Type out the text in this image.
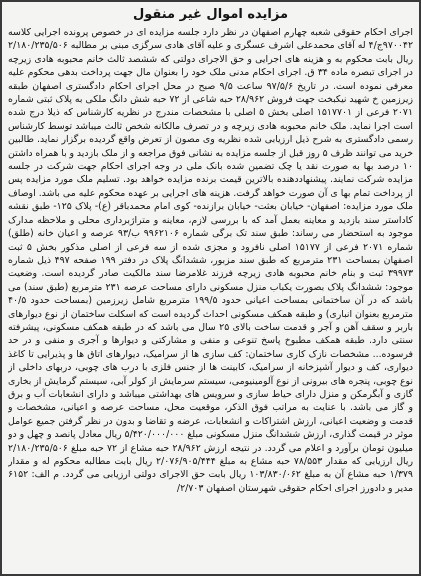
مزایده اموال غیر منقول
اجرای احکام حقوقی شعبه چهارم اصفهان در نظر دارد جلسه مزایده ای در خصوص پرونده اجرایی کلاسه ۹۷۰۰۴۲ج/۴ له آقای محمدعلی اشرف عسگری و علیه آقای هادی سرگزی مبنی بر مطالبه ۲/۱۸۰/۲۳۵/۵۰۶ ریال بابت محکوم به و هزینه های اجرایی و حق الاجرای دولتی که ششصد ثالث خانم محبوبه هادی زیرچه در اجرای تبصره ماده ۳۴ ق. اجرای احکام مدنی ملک خود را بعنوان مال جهت پرداخت بدهی محکوم علیه معرفی نموده است. در تاریخ ۹۷/۵/۶ ساعت ۹/۵ صبح در محل اجرای احکام دادگستری اصفهان طبقه زیرزمین خ شهید نیکبخت جهت فروش ۲۸/۹۶۲ حبه شاعی از ۷۲ حبه شش دانگ ملکی به پلاک ثبتی شماره ۲۰۷۱ فرعی از ۱۵۱۷۷۰۱ اصلی بخش ۵ اصلی با مشخصات مندرج در نظریه کارشناس که ذیلا درج شده است اجرا نماید. ملک خانم محبوبه هادی زیرچه و در تصرف مالکانه شخص ثالث میباشد توسط کارشناس رسمی دادگستری به شرح ذیل ارزیابی شده نظریه وی مصون از تعرض واقع گردیده برگزار نماید. طالبین خرید می توانند ظرف ۵ روز قبل از جلسه مزایده به نشانی فوق مراجعه و از ملک بازدید و با همراه داشتن ۱۰ درصد بها به صورت نقد یا چک تضمین شده بانک ملی در وجه اجرای احکام جهت شرکت در جلسه مزایده شرکت نمایند. پیشنهاددهنده بالاترین قیمت برنده مزایده خواهد بود. تسلیم ملک مورد مزایده پس از پرداخت تمام بها ی آن صورت خواهد گرفت. هزینه های اجرایی بر عهده محکوم علیه می باشد. اوصاف ملک مورد مزایده: اصفهان- خیابان بعثت- خیابان برازنده- کوی امام محمدباقر (ع)- پلاک ۱۲۵- طبق نقشه کاداستر سند بازدید و معاینه بعمل آمد که با بررسی لازم، معاینه و متراژبرداری محلی و ملاحظه مدارک موجود به استحضار می رساند: طبق سند تک برگی شماره ۹۹۶۲۱۰۶ ب/۹۳ عرصه و اعیان خانه (طلق) شماره ۲۰۷۱ فرعی از ۱۵۱۷۷ اصلی نافرود و مجزی شده از سه فرعی از اصلی مذکور بخش ۵ ثبت اصفهان بمساحت ۲۳۱ مترمربع که طبق سند مزبور، ششدانگ پلاک در دفتر ۱۹۹ صفحه ۴۹۷ ذیل شماره ۳۹۹۷۳ ثبت و بنام خانم محبوبه هادی زیرچه فرزند غلامرضا سند مالکیت صادر گردیده است. وضعیت موجود: ششدانگ پلاک بصورت یکباب منزل مسکونی دارای مساحت عرصه ۲۳۱ مترمربع (طبق سند) می باشد که در آن ساختمانی بمساحت اعیانی حدود ۱۹۹/۵ مترمربع شامل زیرزمین (بمساحت حدود ۴۰/۵ مترمربع بعنوان انباری) و طبقه همکف مسکونی احداث گردیده است که اسکلت ساختمان از نوع دیوارهای باربر و سقف آهن و آجر و قدمت ساخت بالای ۲۵ سال می باشد که در طبقه همکف مسکونی، پیشرفته سنتی دارد. طبقه همکف مطبوخ پاسخ تنوعی و منفی و مشارکتی و دیوارها و آجری و منفی و در حد فرسوده... مشخصات نازک کاری ساختمان: کف سازی ها از سرامیک، دیوارهای اتاق ها و پذیرایی تا کاغذ دیواری، کف و دیوار آشپزخانه از سرامیک، کابینت ها از جنس فلزی با درب های چوبی، دربهای داخلی از نوع چوبی، پنجره های بیرونی از نوع آلومینیومی، سیستم سرمایش از کولر آبی، سیستم گرمایش از بخاری گازی و آبگرمکن و منزل دارای حیاط سازی و سرویس های بهداشتی میباشد و دارای انشعابات آب و برق و گاز می باشد. با عنایت به مراتب فوق الذکر، موقعیت محل، مساحت عرصه و اعیانی، مشخصات و قدمت و وضعیت اعیانی، ارزش اشتراکات و انشعابات، عرضه و تقاضا و بدون در نظر گرفتن جمیع عوامل موثر در قیمت گذاری، ارزش ششدانگ منزل مسکونی مبلغ ۵/۴۲۰/۰۰۰/۰۰۰ ریال معادل پانصد و چهل و دو میلیون تومان برآورد و اعلام می گردد. در نتیجه ارزش ۲۸/۹۶۲ حبه مشاع از ۷۲ حبه مبلغ ۲/۱۸۰/۲۳۵/۵۰۶ ریال ارزیابی که مقدار ۷۸/۵۵۳ حبه مشاع به مبلغ ۲/۰۷۶/۹۰۵/۴۴۴ ریال بابت مطالبه محکوم له و مقدار ۱/۳۷۹ حبه مشاع آن به مبلغ ۱۰۳/۸۳۰/۰۶۲ ریال بابت حق الاجرای دولتی ارزیابی می گردد. م الف: ۶۱۵۲ مدیر و دادورز اجرای احکام حقوقی شهرستان اصفهان ۲/۷۰۳/
